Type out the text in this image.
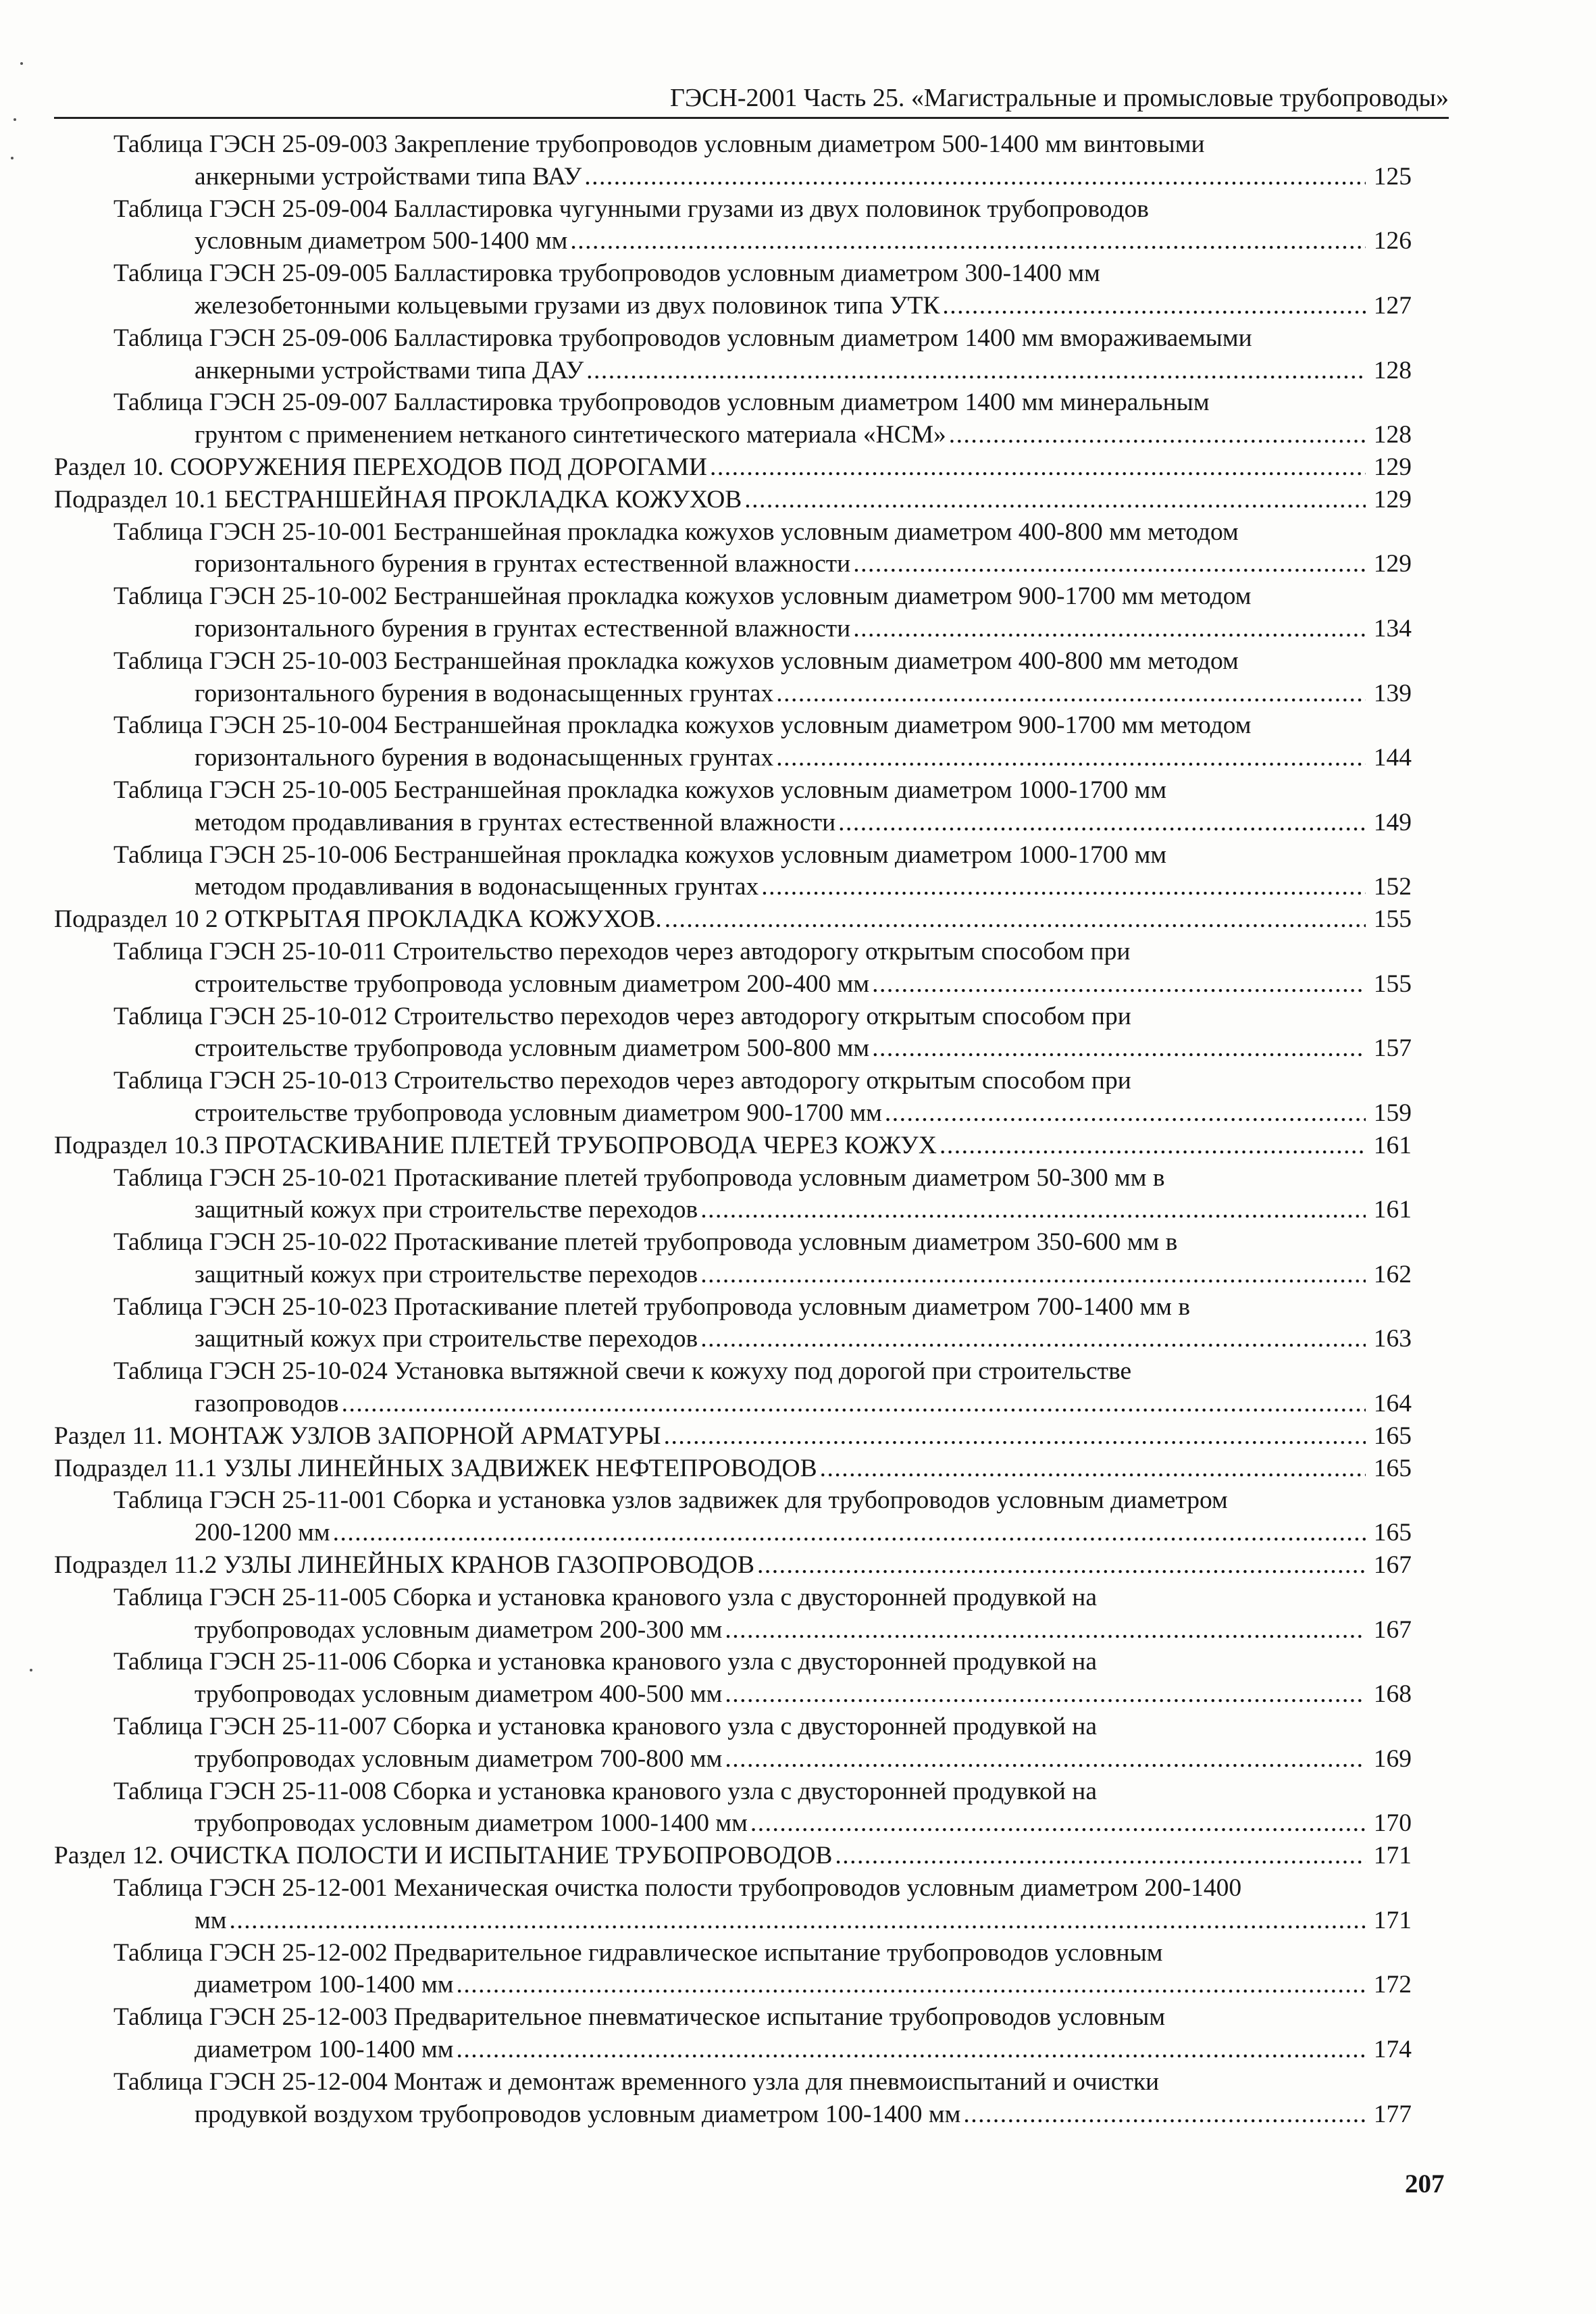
ГЭСН-2001 Часть 25. «Магистральные и промысловые трубопроводы»
Таблица ГЭСН 25-09-003 Закрепление трубопроводов условным диаметром 500-1400 мм винтовыми
анкерными устройствами типа ВАУ .....	125
Таблица ГЭСН 25-09-004 Балластировка чугунными грузами из двух половинок трубопроводов
условным диаметром 500-1400 мм .....	126
Таблица ГЭСН 25-09-005 Балластировка трубопроводов условным диаметром 300-1400 мм
железобетонными кольцевыми грузами из двух половинок типа УТК .....	127
Таблица ГЭСН 25-09-006 Балластировка трубопроводов условным диаметром 1400 мм вмораживаемыми
анкерными устройствами типа ДАУ .....	128
Таблица ГЭСН 25-09-007 Балластировка трубопроводов условным диаметром 1400 мм минеральным
грунтом с применением нетканого синтетического материала «НСМ» .....	128
Раздел 10. СООРУЖЕНИЯ ПЕРЕХОДОВ ПОД ДОРОГАМИ .....	129
Подраздел 10.1 БЕСТРАНШЕЙНАЯ ПРОКЛАДКА КОЖУХОВ .....	129
Таблица ГЭСН 25-10-001 Бестраншейная прокладка кожухов условным диаметром 400-800 мм методом
горизонтального бурения в грунтах естественной влажности .....	129
Таблица ГЭСН 25-10-002 Бестраншейная прокладка кожухов условным диаметром 900-1700 мм методом
горизонтального бурения в грунтах естественной влажности .....	134
Таблица ГЭСН 25-10-003 Бестраншейная прокладка кожухов условным диаметром 400-800 мм методом
горизонтального бурения в водонасыщенных грунтах .....	139
Таблица ГЭСН 25-10-004 Бестраншейная прокладка кожухов условным диаметром 900-1700 мм методом
горизонтального бурения в водонасыщенных грунтах .....	144
Таблица ГЭСН 25-10-005 Бестраншейная прокладка кожухов условным диаметром 1000-1700 мм
методом продавливания в грунтах естественной влажности .....	149
Таблица ГЭСН 25-10-006 Бестраншейная прокладка кожухов условным диаметром 1000-1700 мм
методом продавливания в водонасыщенных грунтах .....	152
Подраздел 10 2 ОТКРЫТАЯ ПРОКЛАДКА КОЖУХОВ. .....	155
Таблица ГЭСН 25-10-011 Строительство переходов через автодорогу открытым способом при
строительстве трубопровода условным диаметром 200-400 мм .....	155
Таблица ГЭСН 25-10-012 Строительство переходов через автодорогу открытым способом при
строительстве трубопровода условным диаметром 500-800 мм .....	157
Таблица ГЭСН 25-10-013 Строительство переходов через автодорогу открытым способом при
строительстве трубопровода условным диаметром 900-1700 мм .....	159
Подраздел 10.3 ПРОТАСКИВАНИЕ ПЛЕТЕЙ ТРУБОПРОВОДА ЧЕРЕЗ КОЖУХ .....	161
Таблица ГЭСН 25-10-021 Протаскивание плетей трубопровода условным диаметром 50-300 мм в
защитный кожух при строительстве переходов .....	161
Таблица ГЭСН 25-10-022 Протаскивание плетей трубопровода условным диаметром 350-600 мм в
защитный кожух при строительстве переходов .....	162
Таблица ГЭСН 25-10-023 Протаскивание плетей трубопровода условным диаметром 700-1400 мм в
защитный кожух при строительстве переходов .....	163
Таблица ГЭСН 25-10-024 Установка вытяжной свечи к кожуху под дорогой при строительстве
газопроводов .....	164
Раздел 11. МОНТАЖ УЗЛОВ ЗАПОРНОЙ АРМАТУРЫ .....	165
Подраздел 11.1 УЗЛЫ ЛИНЕЙНЫХ ЗАДВИЖЕК НЕФТЕПРОВОДОВ .....	165
Таблица ГЭСН 25-11-001 Сборка и установка узлов задвижек для трубопроводов условным диаметром
200-1200 мм .....	165
Подраздел 11.2 УЗЛЫ ЛИНЕЙНЫХ КРАНОВ ГАЗОПРОВОДОВ .....	167
Таблица ГЭСН 25-11-005 Сборка и установка кранового узла с двусторонней продувкой на
трубопроводах условным диаметром 200-300 мм .....	167
Таблица ГЭСН 25-11-006 Сборка и установка кранового узла с двусторонней продувкой на
трубопроводах условным диаметром 400-500 мм .....	168
Таблица ГЭСН 25-11-007 Сборка и установка кранового узла с двусторонней продувкой на
трубопроводах условным диаметром 700-800 мм .....	169
Таблица ГЭСН 25-11-008 Сборка и установка кранового узла с двусторонней продувкой на
трубопроводах условным диаметром 1000-1400 мм .....	170
Раздел 12. ОЧИСТКА ПОЛОСТИ И ИСПЫТАНИЕ ТРУБОПРОВОДОВ .....	171
Таблица ГЭСН 25-12-001 Механическая очистка полости трубопроводов условным диаметром 200-1400
мм .....	171
Таблица ГЭСН 25-12-002 Предварительное гидравлическое испытание трубопроводов условным
диаметром 100-1400 мм .....	172
Таблица ГЭСН 25-12-003 Предварительное пневматическое испытание трубопроводов условным
диаметром 100-1400 мм .....	174
Таблица ГЭСН 25-12-004 Монтаж и демонтаж временного узла для пневмоиспытаний и очистки
продувкой воздухом трубопроводов условным диаметром 100-1400 мм .....	177
207
